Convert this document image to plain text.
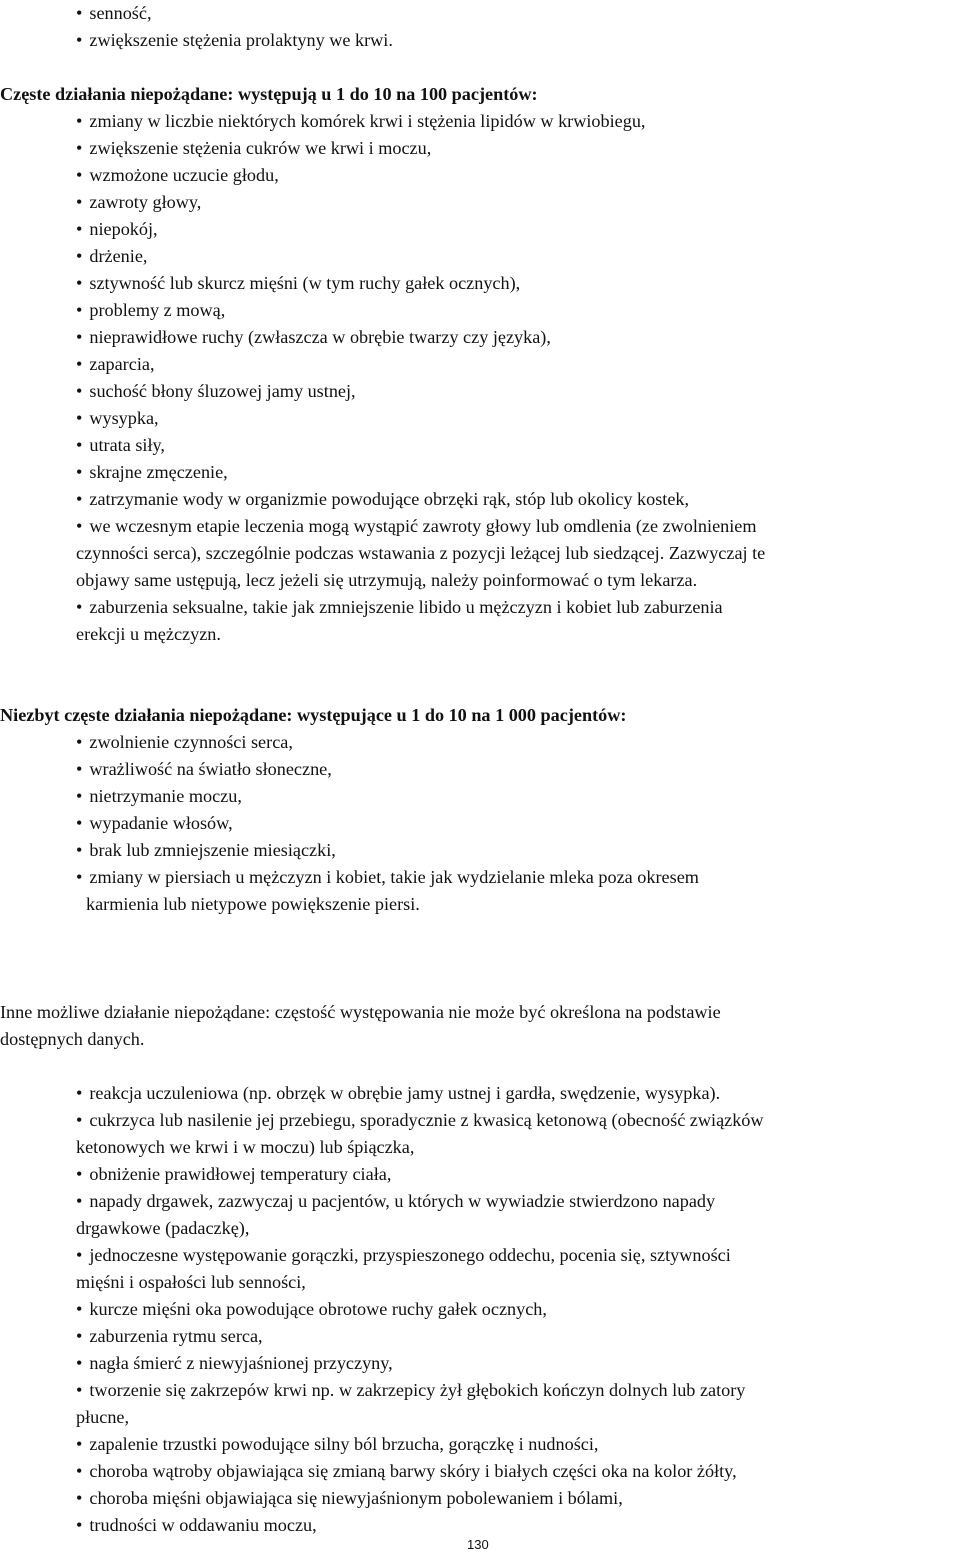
• senność,
• zwiększenie stężenia prolaktyny we krwi.
Częste działania niepożądane: występują u 1 do 10 na 100 pacjentów:
• zmiany w liczbie niektórych komórek krwi i stężenia lipidów w krwiobiegu,
• zwiększenie stężenia cukrów we krwi i moczu,
• wzmożone uczucie głodu,
• zawroty głowy,
• niepokój,
• drżenie,
• sztywność lub skurcz mięśni (w tym ruchy gałek ocznych),
• problemy z mową,
• nieprawidłowe ruchy (zwłaszcza w obrębie twarzy czy języka),
• zaparcia,
• suchość błony śluzowej jamy ustnej,
• wysypka,
• utrata siły,
• skrajne zmęczenie,
• zatrzymanie wody w organizmie powodujące obrzęki rąk, stóp lub okolicy kostek,
• we wczesnym etapie leczenia mogą wystąpić zawroty głowy lub omdlenia (ze zwolnieniem
czynności serca), szczególnie podczas wstawania z pozycji leżącej lub siedzącej. Zazwyczaj te
objawy same ustępują, lecz jeżeli się utrzymują, należy poinformować o tym lekarza.
• zaburzenia seksualne, takie jak zmniejszenie libido u mężczyzn i kobiet lub zaburzenia
erekcji u mężczyzn.
Niezbyt częste działania niepożądane: występujące u 1 do 10 na 1 000 pacjentów:
• zwolnienie czynności serca,
• wrażliwość na światło słoneczne,
• nietrzymanie moczu,
• wypadanie włosów,
• brak lub zmniejszenie miesiączki,
• zmiany w piersiach u mężczyzn i kobiet, takie jak wydzielanie mleka poza okresem
karmienia lub nietypowe powiększenie piersi.
Inne możliwe działanie niepożądane: częstość występowania nie może być określona na podstawie
dostępnych danych.
• reakcja uczuleniowa (np. obrzęk w obrębie jamy ustnej i gardła, swędzenie, wysypka).
• cukrzyca lub nasilenie jej przebiegu, sporadycznie z kwasicą ketonową (obecność związków
ketonowych we krwi i w moczu) lub śpiączka,
• obniżenie prawidłowej temperatury ciała,
• napady drgawek, zazwyczaj u pacjentów, u których w wywiadzie stwierdzono napady
drgawkowe (padaczkę),
• jednoczesne występowanie gorączki, przyspieszonego oddechu, pocenia się, sztywności
mięśni i ospałości lub senności,
• kurcze mięśni oka powodujące obrotowe ruchy gałek ocznych,
• zaburzenia rytmu serca,
• nagła śmierć z niewyjaśnionej przyczyny,
• tworzenie się zakrzepów krwi np. w zakrzepicy żył głębokich kończyn dolnych lub zatory
płucne,
• zapalenie trzustki powodujące silny ból brzucha, gorączkę i nudności,
• choroba wątroby objawiająca się zmianą barwy skóry i białych części oka na kolor żółty,
• choroba mięśni objawiająca się niewyjaśnionym pobolewaniem i bólami,
• trudności w oddawaniu moczu,
130
